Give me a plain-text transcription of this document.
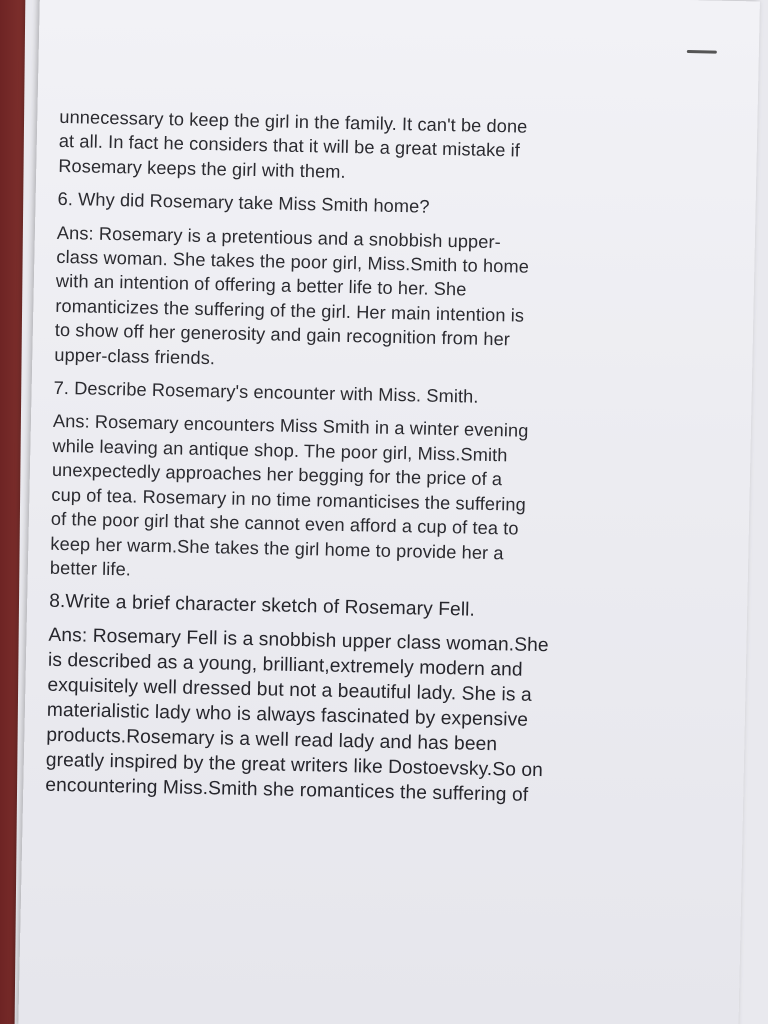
unnecessary to keep the girl in the family. It can't be done
at all. In fact he considers that it will be a great mistake if
Rosemary keeps the girl with them.

6. Why did Rosemary take Miss Smith home?

Ans: Rosemary is a pretentious and a snobbish upper-
class woman. She takes the poor girl, Miss.Smith to home
with an intention of offering a better life to her. She
romanticizes the suffering of the girl. Her main intention is
to show off her generosity and gain recognition from her
upper-class friends.

7. Describe Rosemary's encounter with Miss. Smith.

Ans: Rosemary encounters Miss Smith in a winter evening
while leaving an antique shop. The poor girl, Miss.Smith
unexpectedly approaches her begging for the price of a
cup of tea. Rosemary in no time romanticises the suffering
of the poor girl that she cannot even afford a cup of tea to
keep her warm.She takes the girl home to provide her a
better life.

8.Write a brief character sketch of Rosemary Fell.

Ans: Rosemary Fell is a snobbish upper class woman.She
is described as a young, brilliant,extremely modern and
exquisitely well dressed but not a beautiful lady. She is a
materialistic lady who is always fascinated by expensive
products.Rosemary is a well read lady and has been
greatly inspired by the great writers like Dostoevsky.So on
encountering Miss.Smith she romantices the suffering of
